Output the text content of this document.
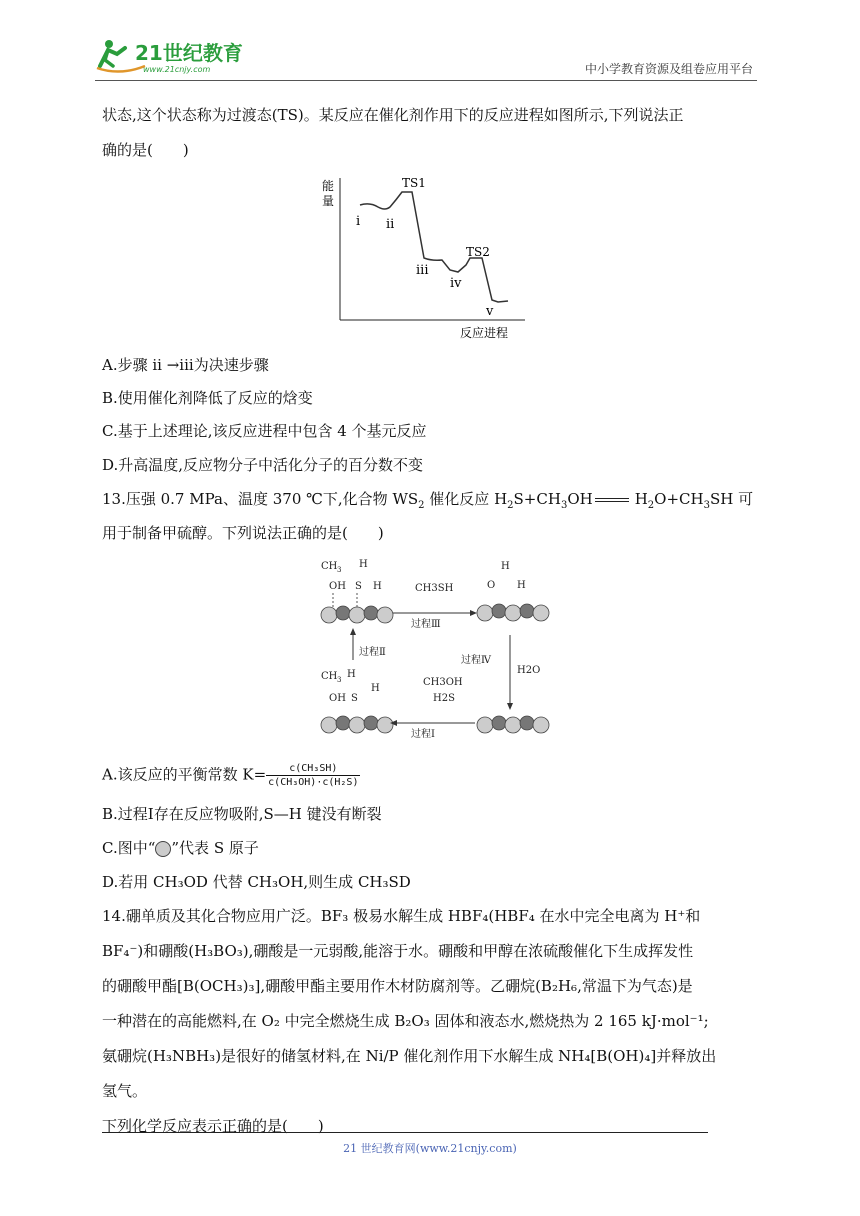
21世纪教育
www.21cnjy.com	中小学教育资源及组卷应用平台
状态,这个状态称为过渡态(TS)。某反应在催化剂作用下的反应进程如图所示,下列说法正
确的是(　　)
能
量
反应进程
i ii
TS1
iii
iv
TS2
v
A.步骤 ii →iii为决速步骤
B.使用催化剂降低了反应的焓变
C.基于上述理论,该反应进程中包含 4 个基元反应
D.升高温度,反应物分子中活化分子的百分数不变
13.压强 0.7 MPa、温度 370 ℃下,化合物 $WS_2$ 催化反应 $H_2S+CH_3OH$	$H_2O+CH_3SH$ 可
用于制备甲硫醇。下列说法正确的是(　　)
CH 3
OH S
H
H	O
H
H
CH 3
OH S
H
H
过程Ⅲ
CH3SH
过程Ⅳ
H2O
过程Ⅰ
CH3OH
H2S
过程Ⅱ
A.该反应的平衡常数 $K= \frac{\text{c(CH₃SH)}}{\text{c(CH₃OH)·c(H₂S)}}$
B.过程Ⅰ存在反应物吸附,S—H 键没有断裂
C.图中“ ”代表 S 原子
D.若用 CH₃OD 代替 CH₃OH,则生成 CH₃SD
14.硼单质及其化合物应用广泛。BF₃ 极易水解生成 HBF₄(HBF₄ 在水中完全电离为 H⁺和
BF₄⁻)和硼酸(H₃BO₃),硼酸是一元弱酸,能溶于水。硼酸和甲醇在浓硫酸催化下生成挥发性
的硼酸甲酯[B(OCH₃)₃],硼酸甲酯主要用作木材防腐剂等。乙硼烷(B₂H₆,常温下为气态)是
一种潜在的高能燃料,在 O₂ 中完全燃烧生成 B₂O₃ 固体和液态水,燃烧热为 2 165 kJ·mol⁻¹;
氨硼烷(H₃NBH₃)是很好的储氢材料,在 Ni/P 催化剂作用下水解生成 NH₄[B(OH)₄]并释放出
氢气。
下列化学反应表示正确的是(　　)
21 世纪教育网(www.21cnjy.com)
